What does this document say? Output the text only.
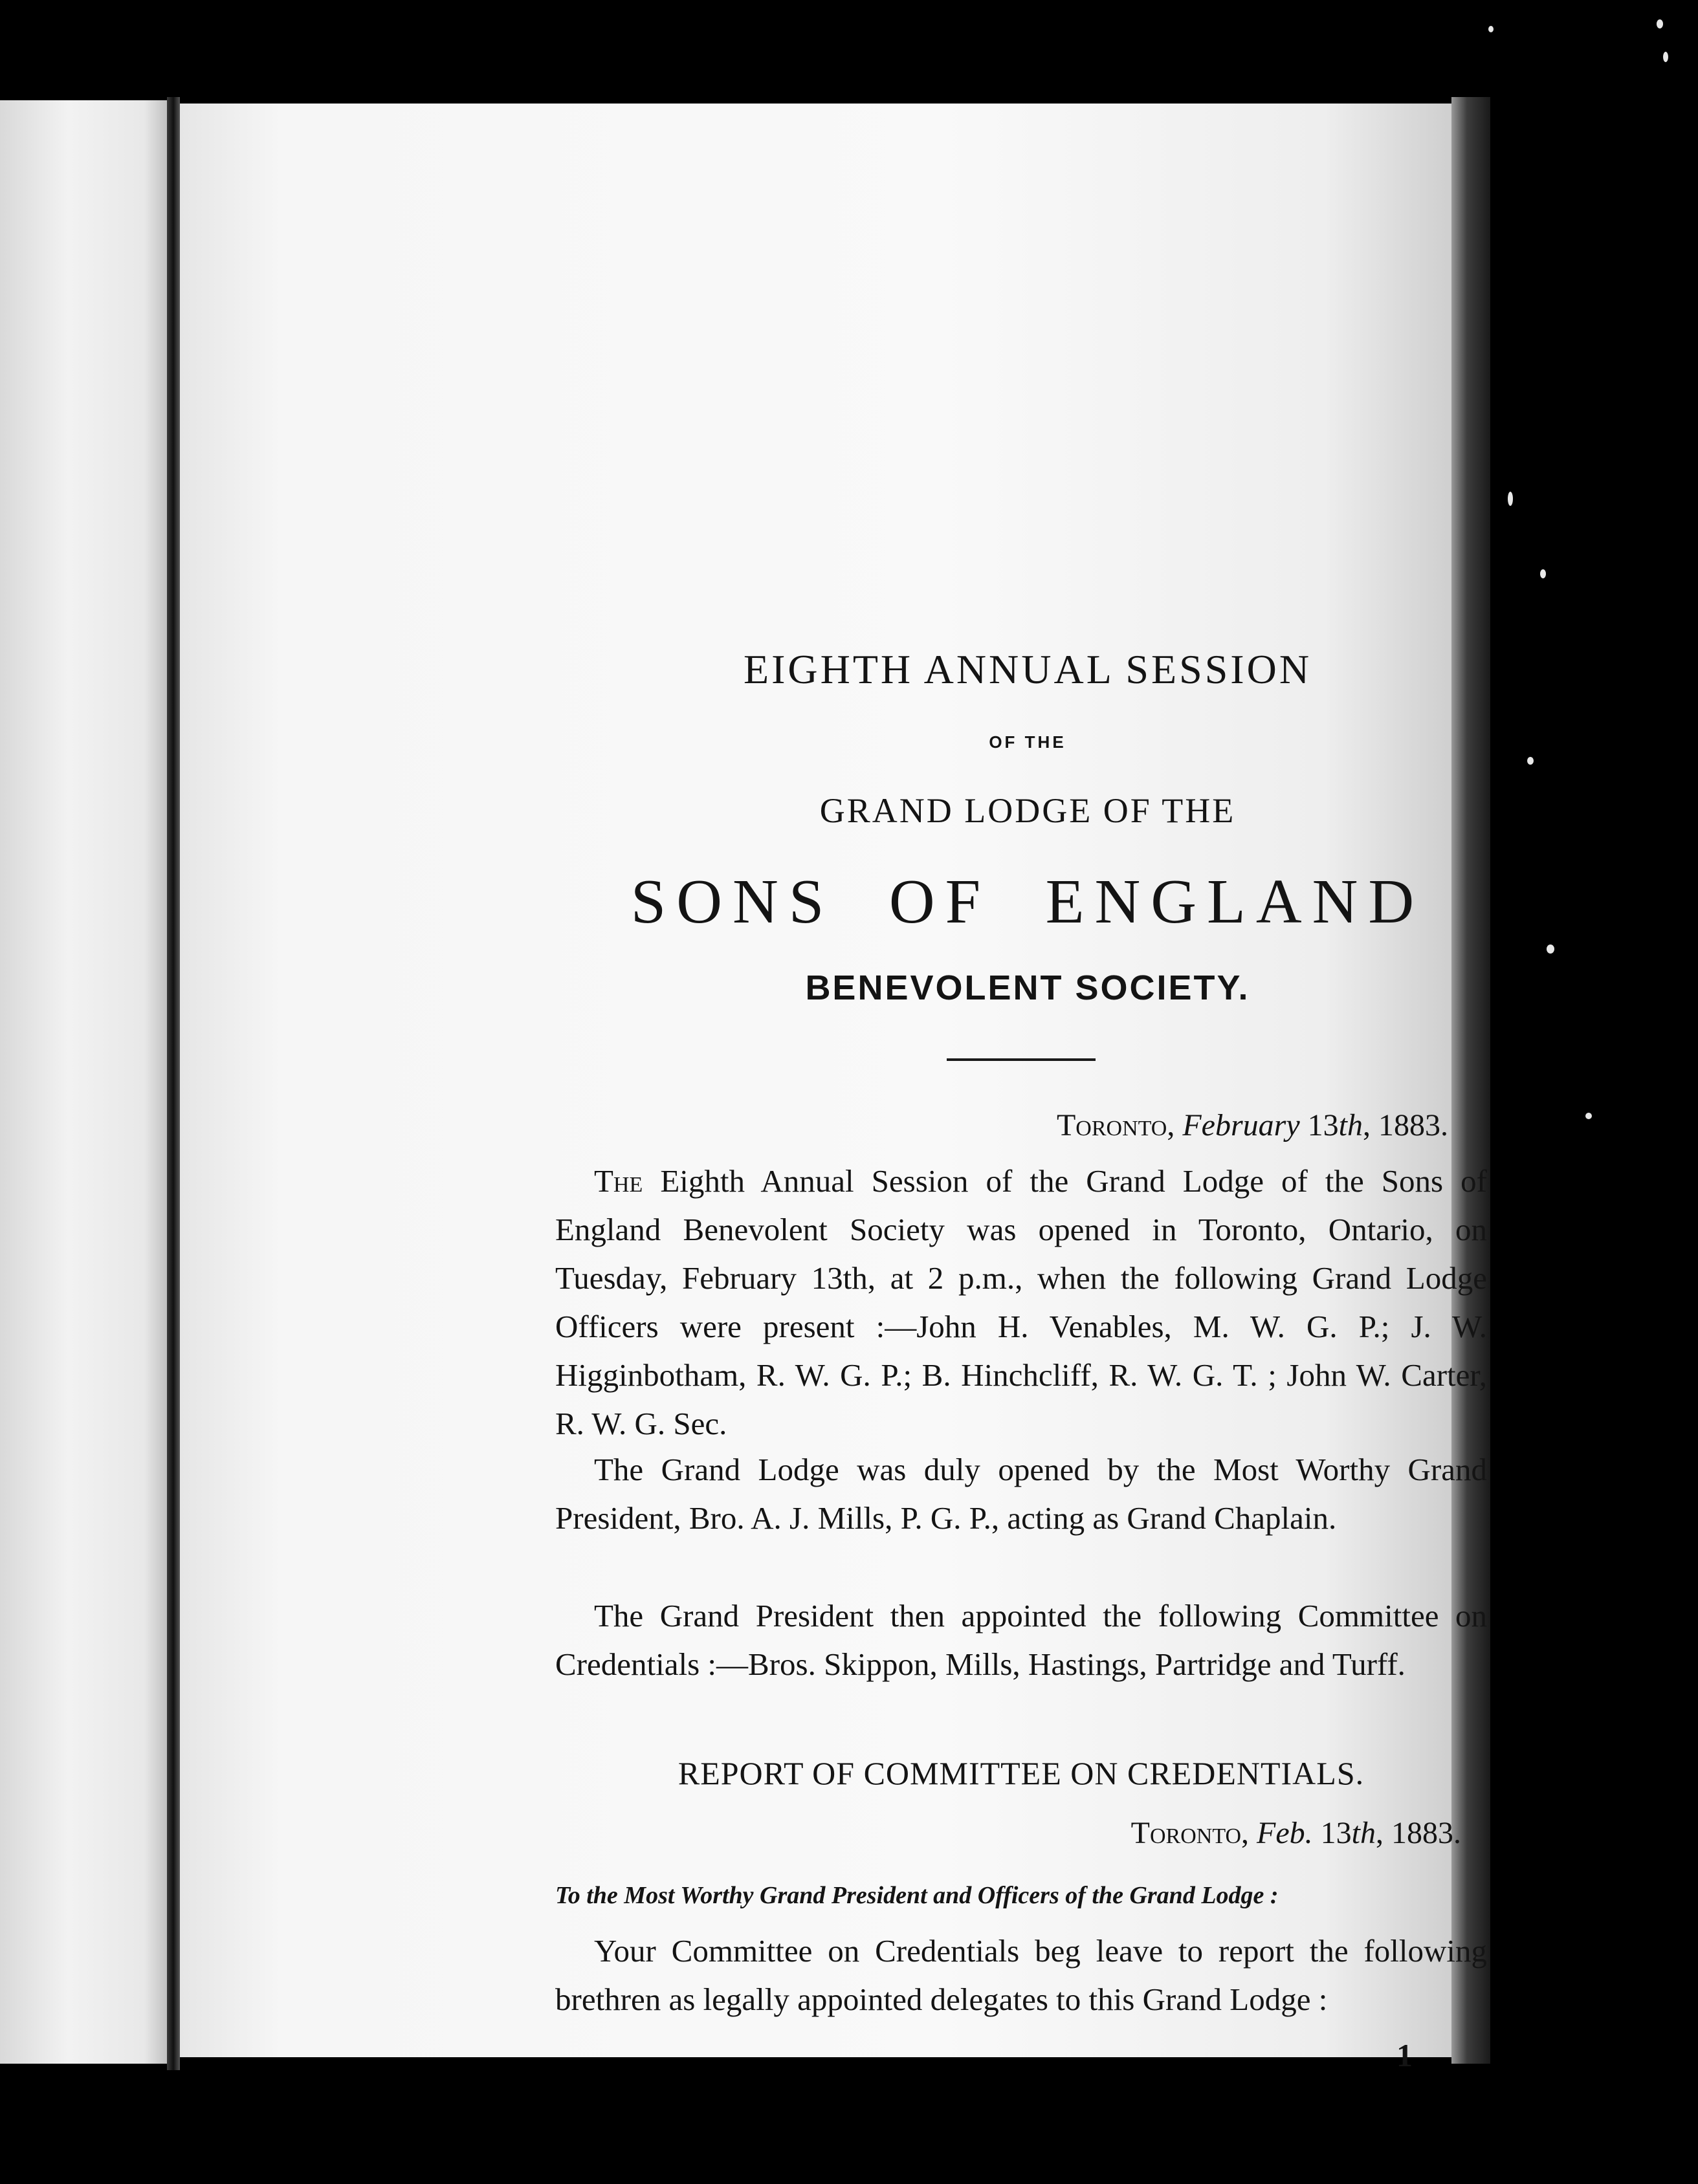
EIGHTH ANNUAL SESSION
OF THE
GRAND LODGE OF THE
SONS OF ENGLAND
BENEVOLENT SOCIETY.
Toronto, February 13th, 1883.
The Eighth Annual Session of the Grand Lodge of the Sons of England Benevolent Society was opened in Toronto, Ontario, on Tuesday, February 13th, at 2 p.m., when the following Grand Lodge Officers were present :—John H. Venables, M. W. G. P.; J. W. Higginbotham, R. W. G. P.; B. Hinchcliff, R. W. G. T. ; John W. Carter, R. W. G. Sec.
The Grand Lodge was duly opened by the Most Worthy Grand President, Bro. A. J. Mills, P. G. P., acting as Grand Chaplain.
The Grand President then appointed the following Committee on Credentials :—Bros. Skippon, Mills, Hastings, Partridge and Turff.
REPORT OF COMMITTEE ON CREDENTIALS.
Toronto, Feb. 13th, 1883.
To the Most Worthy Grand President and Officers of the Grand Lodge :
Your Committee on Credentials beg leave to report the following brethren as legally appointed delegates to this Grand Lodge :
1
